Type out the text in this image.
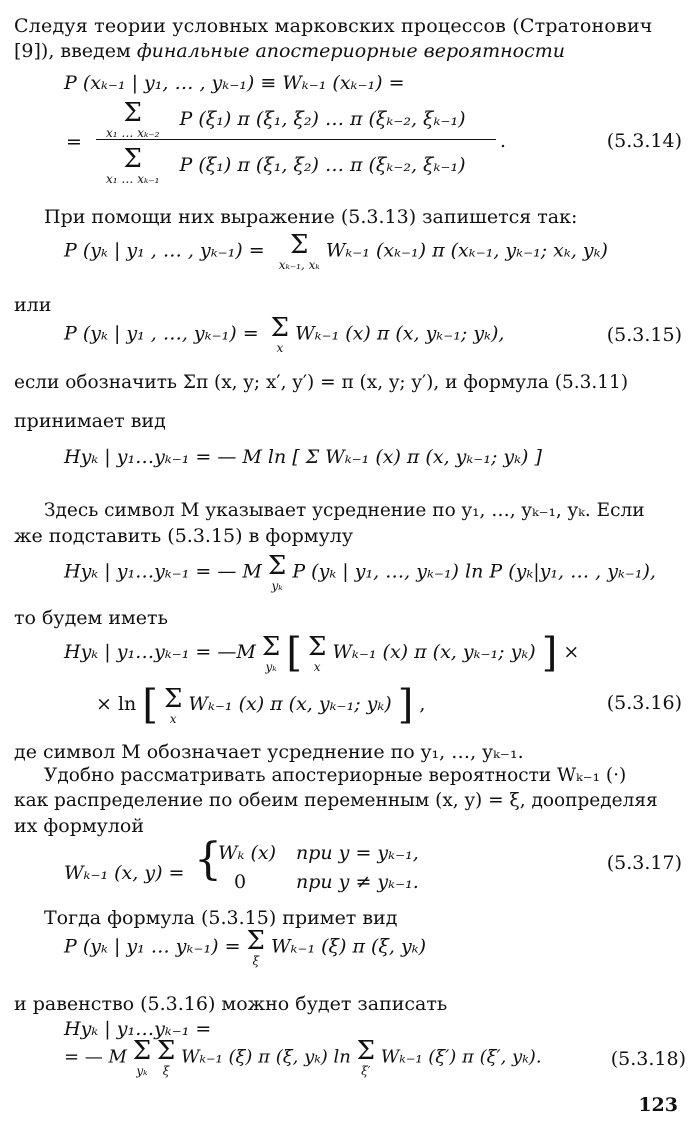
Следуя теории условных марковских процессов (Стратонович
[9]), введем финальные апостериорные вероятности
P (xₖ₋₁ | y₁, … , yₖ₋₁) ≡ Wₖ₋₁ (xₖ₋₁) =
=
Σ
x₁ … xₖ₋₂
P (ξ₁) π (ξ₁, ξ₂) … π (ξₖ₋₂, ξₖ₋₁)
.
Σ
x₁ … xₖ₋₁
P (ξ₁) π (ξ₁, ξ₂) … π (ξₖ₋₂, ξₖ₋₁)
(5.3.14)
При помощи них выражение (5.3.13) запишется так:
P (yₖ | y₁ , … , yₖ₋₁) = Σ
xₖ₋₁, xₖ
Wₖ₋₁ (xₖ₋₁) π (xₖ₋₁, yₖ₋₁; xₖ, yₖ)
или
P (yₖ | y₁ , …, yₖ₋₁) = Σ
x
Wₖ₋₁ (x) π (x, yₖ₋₁; yₖ),	(5.3.15)
если обозначить Σπ (x, y; x′, y′) = π (x, y; y′), и формула (5.3.11)
принимает вид
Hyₖ | y₁…yₖ₋₁ = — M ln [ Σ Wₖ₋₁ (x) π (x, yₖ₋₁; yₖ) ]
Здесь символ M указывает усреднение по y₁, …, yₖ₋₁, yₖ. Если
же подставить (5.3.15) в формулу
Hyₖ | y₁…yₖ₋₁ = — M Σ
yₖ
P (yₖ | y₁, …, yₖ₋₁) ln P (yₖ|y₁, … , yₖ₋₁),
то будем иметь
Hyₖ | y₁…yₖ₋₁ = —M Σ
yₖ [ Σ
x
Wₖ₋₁ (x) π (x, yₖ₋₁; yₖ) ] ×
× ln [ Σ
x
Wₖ₋₁ (x) π (x, yₖ₋₁; yₖ) ] ,	(5.3.16)
де символ M обозначает усреднение по y₁, …, yₖ₋₁.
Удобно рассматривать апостериорные вероятности Wₖ₋₁ (·)
как распределение по обеим переменным (x, y) = ξ, доопределяя
их формулой
Wₖ₋₁ (x, y) = {
Wₖ (x) при y = yₖ₋₁,
0	при y ≠ yₖ₋₁.
(5.3.17)
Тогда формула (5.3.15) примет вид
P (yₖ | y₁ … yₖ₋₁) = Σ
ξ
Wₖ₋₁ (ξ) π (ξ, yₖ)
и равенство (5.3.16) можно будет записать
Hyₖ | y₁…yₖ₋₁ =
= — M Σ
yₖ

Σ
ξ
Wₖ₋₁ (ξ) π (ξ, yₖ) ln Σ
ξ′
Wₖ₋₁ (ξ′) π (ξ′, yₖ).	(5.3.18)
123
